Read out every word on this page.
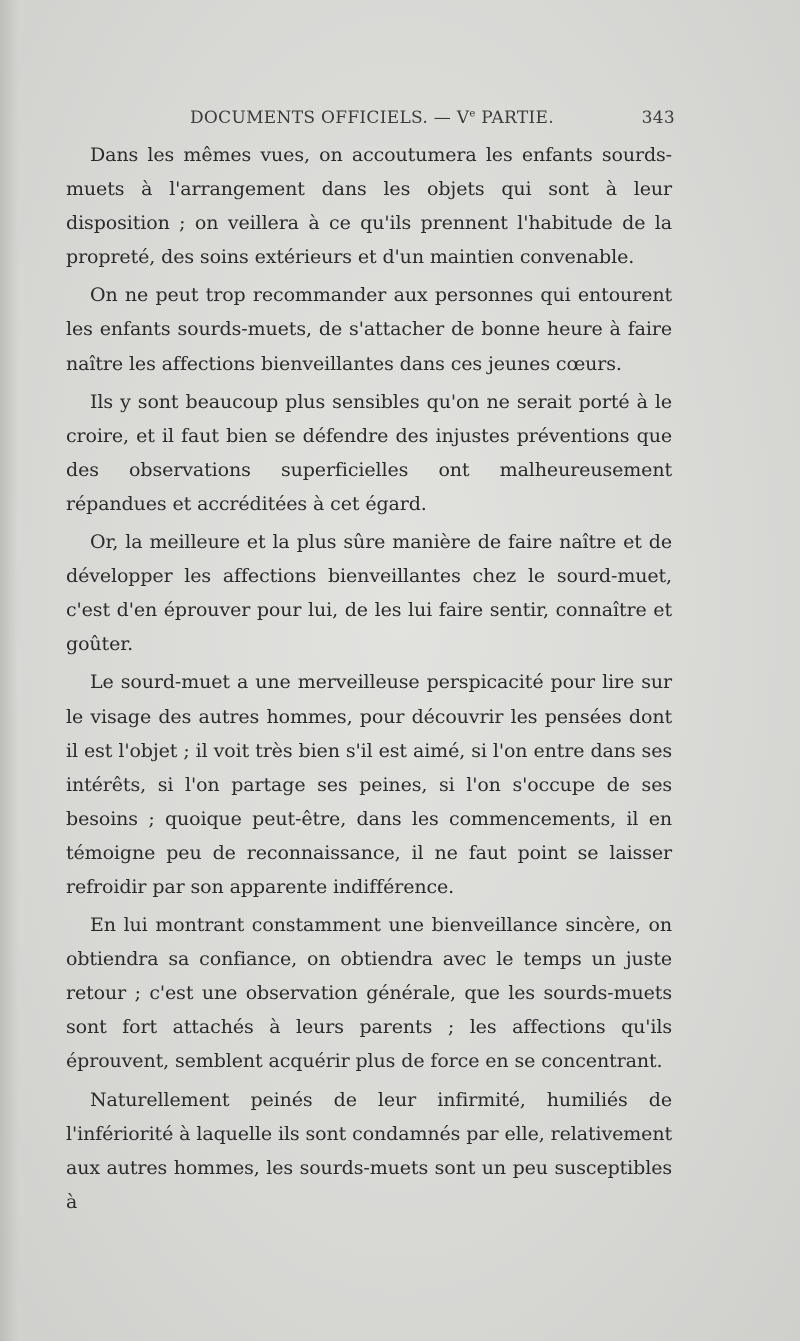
DOCUMENTS OFFICIELS. — Ve PARTIE.	343

Dans les mêmes vues, on accoutumera les enfants sourds-muets à l'arrangement dans les objets qui sont à leur disposition ; on veillera à ce qu'ils prennent l'habitude de la propreté, des soins extérieurs et d'un maintien convenable.

On ne peut trop recommander aux personnes qui entourent les enfants sourds-muets, de s'attacher de bonne heure à faire naître les affections bienveillantes dans ces jeunes cœurs.

Ils y sont beaucoup plus sensibles qu'on ne serait porté à le croire, et il faut bien se défendre des injustes préventions que des observations superficielles ont malheureusement répandues et accréditées à cet égard.

Or, la meilleure et la plus sûre manière de faire naître et de développer les affections bienveillantes chez le sourd-muet, c'est d'en éprouver pour lui, de les lui faire sentir, connaître et goûter.

Le sourd-muet a une merveilleuse perspicacité pour lire sur le visage des autres hommes, pour découvrir les pensées dont il est l'objet ; il voit très bien s'il est aimé, si l'on entre dans ses intérêts, si l'on partage ses peines, si l'on s'occupe de ses besoins ; quoique peut-être, dans les commencements, il en témoigne peu de reconnaissance, il ne faut point se laisser refroidir par son apparente indifférence.

En lui montrant constamment une bienveillance sincère, on obtiendra sa confiance, on obtiendra avec le temps un juste retour ; c'est une observation générale, que les sourds-muets sont fort attachés à leurs parents ; les affections qu'ils éprouvent, semblent acquérir plus de force en se concentrant.

Naturellement peinés de leur infirmité, humiliés de l'infériorité à laquelle ils sont condamnés par elle, relativement aux autres hommes, les sourds-muets sont un peu susceptibles à
